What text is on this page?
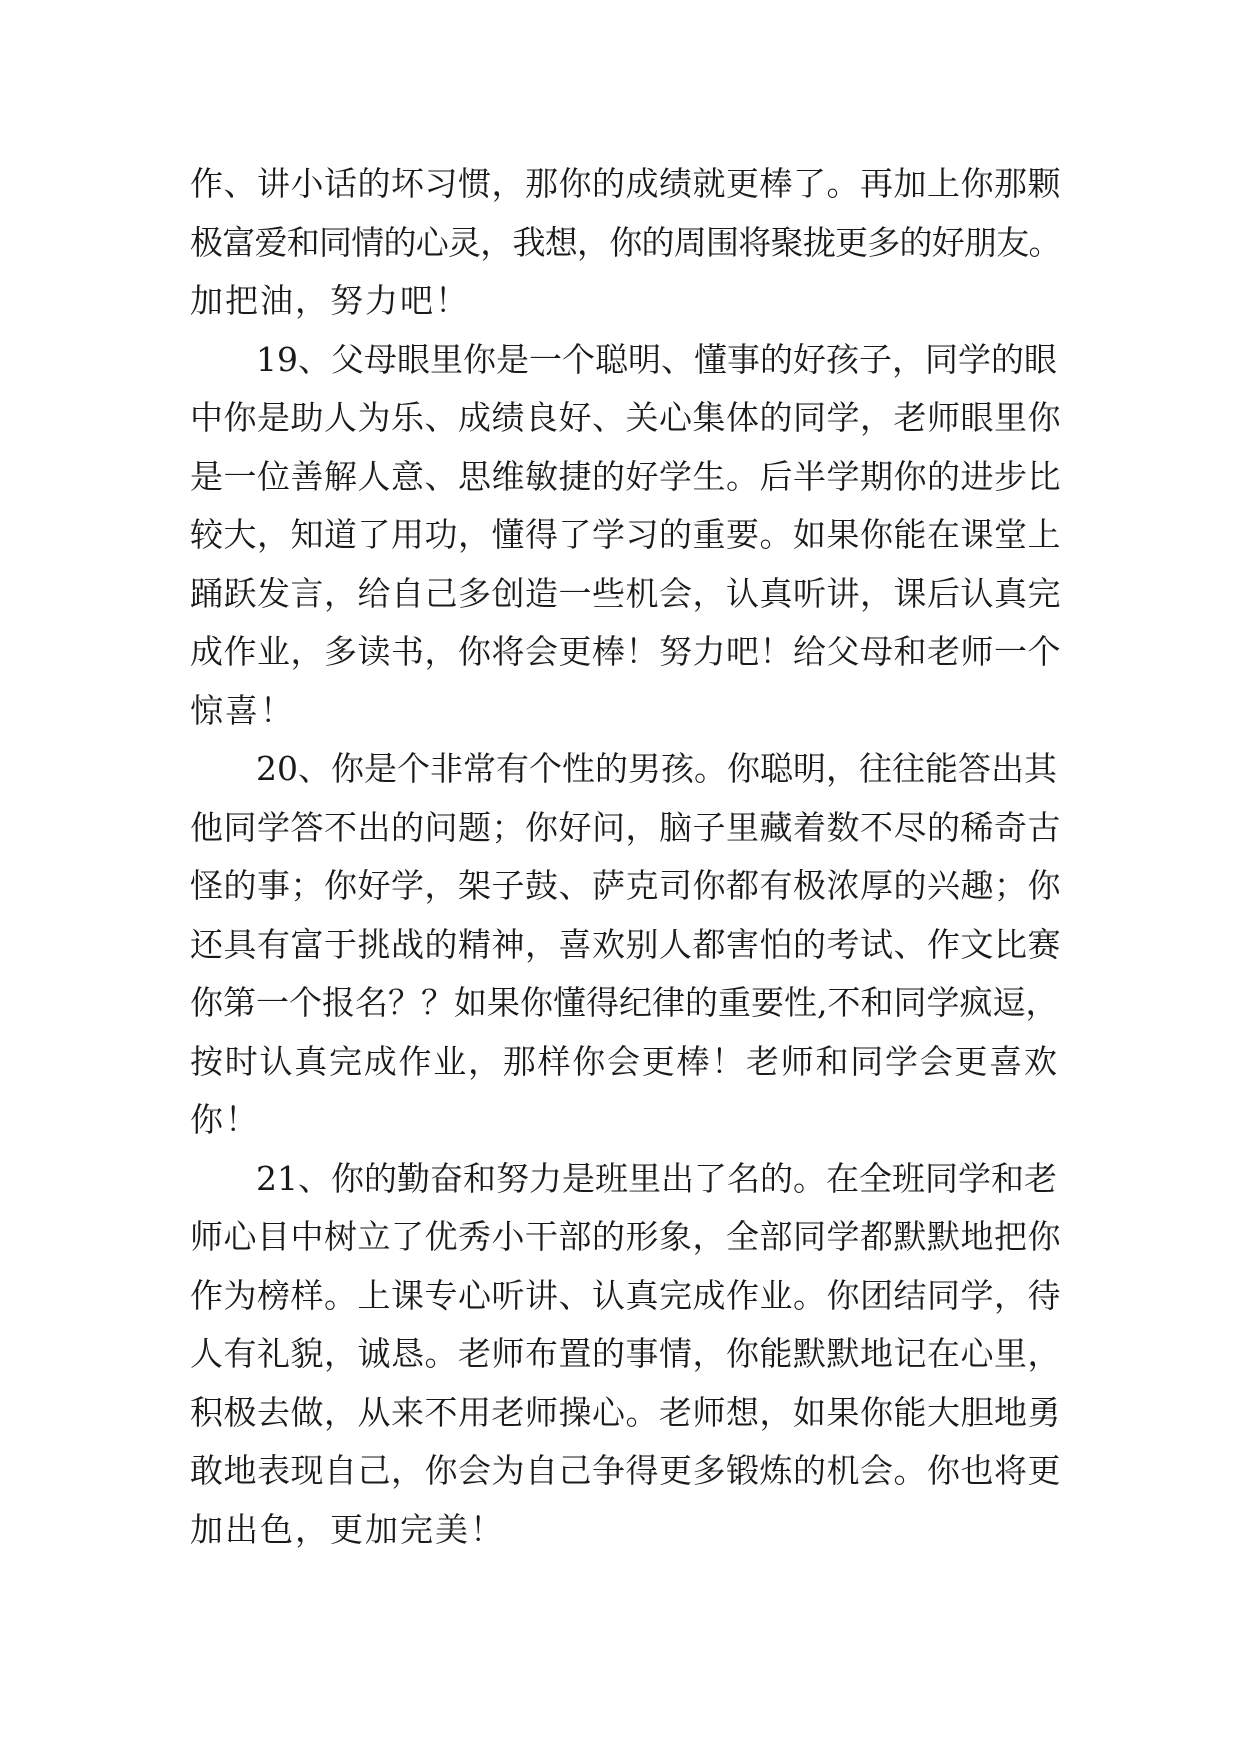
作、讲小话的坏习惯，那你的成绩就更棒了。再加上你那颗

极富爱和同情的心灵，我想，你的周围将聚拢更多的好朋友。

加把油，努力吧！

19、父母眼里你是一个聪明、懂事的好孩子，同学的眼

中你是助人为乐、成绩良好、关心集体的同学，老师眼里你

是一位善解人意、思维敏捷的好学生。后半学期你的进步比

较大，知道了用功，懂得了学习的重要。如果你能在课堂上

踊跃发言，给自己多创造一些机会，认真听讲，课后认真完

成作业，多读书，你将会更棒！努力吧！给父母和老师一个

惊喜！

20、你是个非常有个性的男孩。你聪明，往往能答出其

他同学答不出的问题；你好问，脑子里藏着数不尽的稀奇古

怪的事；你好学，架子鼓、萨克司你都有极浓厚的兴趣；你

还具有富于挑战的精神，喜欢别人都害怕的考试、作文比赛

你第一个报名？？如果你懂得纪律的重要性,不和同学疯逗，

按时认真完成作业，那样你会更棒！老师和同学会更喜欢

你！

21、你的勤奋和努力是班里出了名的。在全班同学和老

师心目中树立了优秀小干部的形象，全部同学都默默地把你

作为榜样。上课专心听讲、认真完成作业。你团结同学，待

人有礼貌，诚恳。老师布置的事情，你能默默地记在心里，

积极去做，从来不用老师操心。老师想，如果你能大胆地勇

敢地表现自己，你会为自己争得更多锻炼的机会。你也将更

加出色，更加完美！
